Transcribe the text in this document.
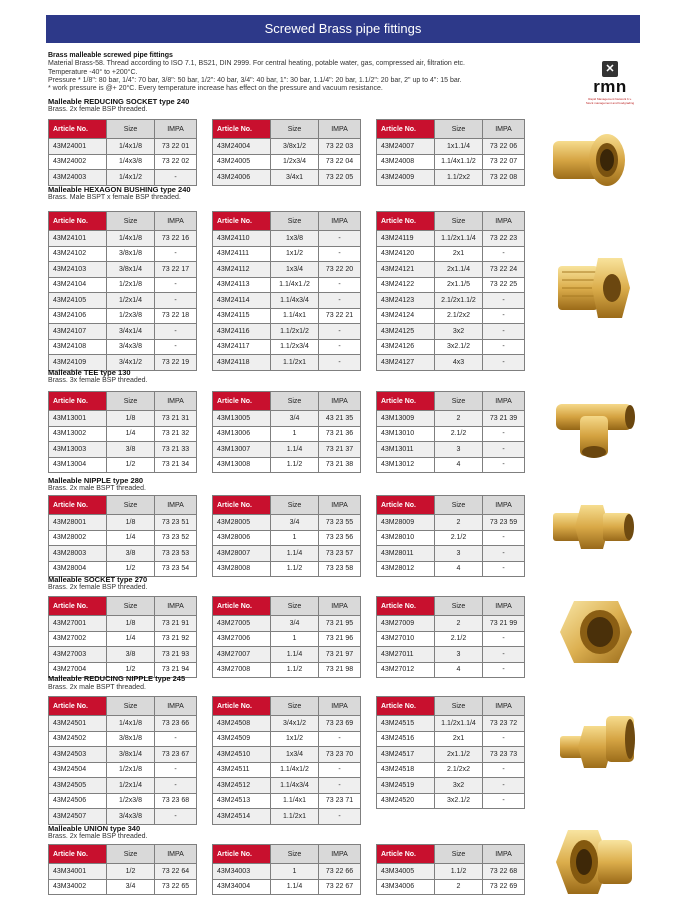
Screwed Brass pipe fittings
Brass malleable screwed pipe fittings
Material Brass-58. Thread according to ISO 7.1, BS21, DIN 2999. For central heating, potable water, gas, compressed air, filtration etc.
Temperature -40° to +200°C.
Pressure * 1/8": 80 bar, 1/4": 70 bar, 3/8": 50 bar, 1/2": 40 bar, 3/4": 40 bar, 1": 30 bar, 1.1/4": 20 bar, 1.1/2": 20 bar, 2" up to 4": 15 bar.
* work pressure is @+ 20°C. Every temperature increase has effect on the pressure and vacuum resistance.
✕
rmn
Rapid Management Network b.v.
Stock management and foodgrading
Malleable REDUCING SOCKET type 240
Brass. 2x female BSP threaded.
Article No.	Size	IMPA
43M24001	1/4x1/8	73 22 01
43M24002	1/4x3/8	73 22 02
43M24003	1/4x1/2	-
Article No.	Size	IMPA
43M24004	3/8x1/2	73 22 03
43M24005	1/2x3/4	73 22 04
43M24006	3/4x1	73 22 05
Article No.	Size	IMPA
43M24007	1x1.1/4	73 22 06
43M24008	1.1/4x1.1/2	73 22 07
43M24009	1.1/2x2	73 22 08
Malleable HEXAGON BUSHING type 240
Brass. Male BSPT x female BSP threaded.
Article No.	Size	IMPA
43M24101	1/4x1/8	73 22 16
43M24102	3/8x1/8	-
43M24103	3/8x1/4	73 22 17
43M24104	1/2x1/8	-
43M24105	1/2x1/4	-
43M24106	1/2x3/8	73 22 18
43M24107	3/4x1/4	-
43M24108	3/4x3/8	-
43M24109	3/4x1/2	73 22 19
Article No.	Size	IMPA
43M24110	1x3/8	-
43M24111	1x1/2	-
43M24112	1x3/4	73 22 20
43M24113	1.1/4x1./2	-
43M24114	1.1/4x3/4	-
43M24115	1.1/4x1	73 22 21
43M24116	1.1/2x1/2	-
43M24117	1.1/2x3/4	-
43M24118	1.1/2x1	-
Article No.	Size	IMPA
43M24119	1.1/2x1.1/4	73 22 23
43M24120	2x1	-
43M24121	2x1.1/4	73 22 24
43M24122	2x1.1/5	73 22 25
43M24123	2.1/2x1.1/2	-
43M24124	2.1/2x2	-
43M24125	3x2	-
43M24126	3x2.1/2	-
43M24127	4x3	-
Malleable TEE type 130
Brass. 3x female BSP threaded.
Article No.	Size	IMPA
43M13001	1/8	73 21 31
43M13002	1/4	73 21 32
43M13003	3/8	73 21 33
43M13004	1/2	73 21 34
Article No.	Size	IMPA
43M13005	3/4	43 21 35
43M13006	1	73 21 36
43M13007	1.1/4	73 21 37
43M13008	1.1/2	73 21 38
Article No.	Size	IMPA
43M13009	2	73 21 39
43M13010	2.1/2	-
43M13011	3	-
43M13012	4	-
Malleable NIPPLE type 280
Brass. 2x male BSPT threaded.
Article No.	Size	IMPA
43M28001	1/8	73 23 51
43M28002	1/4	73 23 52
43M28003	3/8	73 23 53
43M28004	1/2	73 23 54
Article No.	Size	IMPA
43M28005	3/4	73 23 55
43M28006	1	73 23 56
43M28007	1.1/4	73 23 57
43M28008	1.1/2	73 23 58
Article No.	Size	IMPA
43M28009	2	73 23 59
43M28010	2.1/2	-
43M28011	3	-
43M28012	4	-
Malleable SOCKET type 270
Brass. 2x female BSP threaded.
Article No.	Size	IMPA
43M27001	1/8	73 21 91
43M27002	1/4	73 21 92
43M27003	3/8	73 21 93
43M27004	1/2	73 21 94
Article No.	Size	IMPA
43M27005	3/4	73 21 95
43M27006	1	73 21 96
43M27007	1.1/4	73 21 97
43M27008	1.1/2	73 21 98
Article No.	Size	IMPA
43M27009	2	73 21 99
43M27010	2.1/2	-
43M27011	3	-
43M27012	4	-
Malleable REDUCING NIPPLE type 245
Brass. 2x male BSPT threaded.
Article No.	Size	IMPA
43M24501	1/4x1/8	73 23 66
43M24502	3/8x1/8	-
43M24503	3/8x1/4	73 23 67
43M24504	1/2x1/8	-
43M24505	1/2x1/4	-
43M24506	1/2x3/8	73 23 68
43M24507	3/4x3/8	-
Article No.	Size	IMPA
43M24508	3/4x1/2	73 23 69
43M24509	1x1/2	-
43M24510	1x3/4	73 23 70
43M24511	1.1/4x1/2	-
43M24512	1.1/4x3/4	-
43M24513	1.1/4x1	73 23 71
43M24514	1.1/2x1	-
Article No.	Size	IMPA
43M24515	1.1/2x1.1/4	73 23 72
43M24516	2x1	-
43M24517	2x1.1/2	73 23 73
43M24518	2.1/2x2	-
43M24519	3x2	-
43M24520	3x2.1/2	-
Malleable UNION type 340
Brass. 2x female BSP threaded.
Article No.	Size	IMPA
43M34001	1/2	73 22 64
43M34002	3/4	73 22 65
Article No.	Size	IMPA
43M34003	1	73 22 66
43M34004	1.1/4	73 22 67
Article No.	Size	IMPA
43M34005	1.1/2	73 22 68
43M34006	2	73 22 69
